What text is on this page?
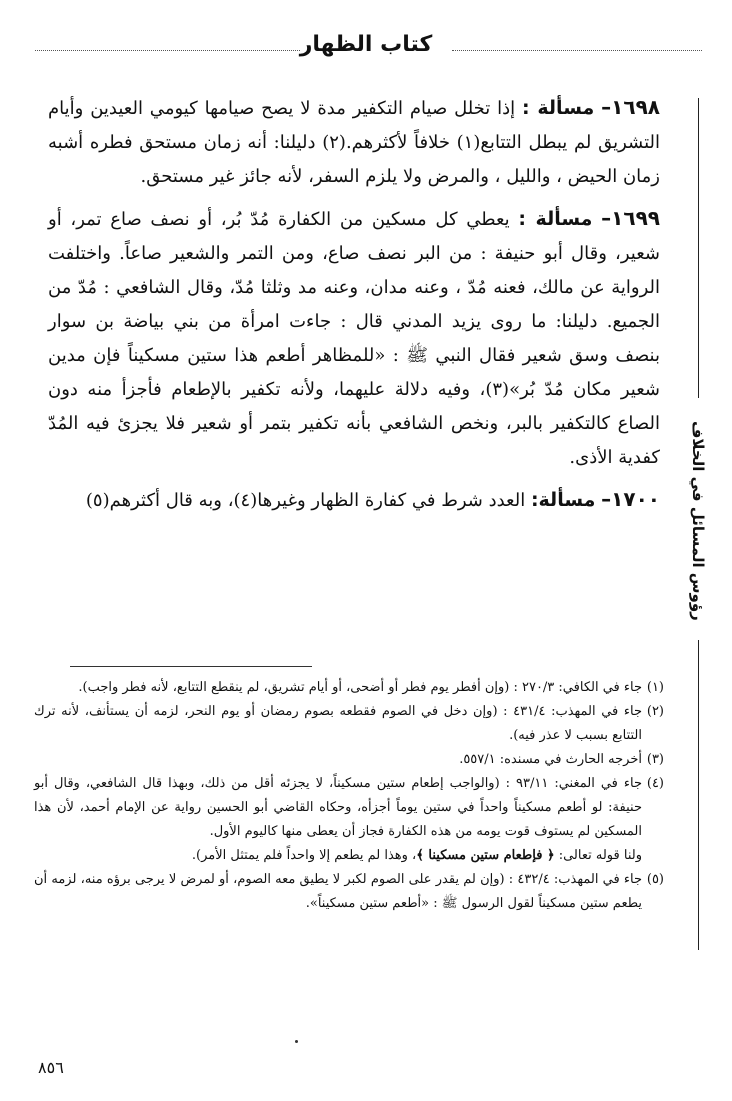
كتاب الظهار
رؤوس المسائل في الخلاف

١٦٩٨– مسألة : إذا تخلل صيام التكفير مدة لا يصح صيامها كيومي العيدين وأيام التشريق لم يبطل التتابع(١) خلافاً لأكثرهم.(٢) دليلنا: أنه زمان مستحق فطره أشبه زمان الحيض ، والليل ، والمرض ولا يلزم السفر، لأنه جائز غير مستحق.

١٦٩٩– مسألة : يعطي كل مسكين من الكفارة مُدّ بُر، أو نصف صاع تمر، أو شعير، وقال أبو حنيفة : من البر نصف صاع، ومن التمر والشعير صاعاً. واختلفت الرواية عن مالك، فعنه مُدّ ، وعنه مدان، وعنه مد وثلثا مُدّ، وقال الشافعي : مُدّ من الجميع. دليلنا: ما روى يزيد المدني قال : جاءت امرأة من بني بياضة بن سوار بنصف وسق شعير فقال النبي ﷺ : «للمظاهر أطعم هذا ستين مسكيناً فإن مدين شعير مكان مُدّ بُر»(٣)، وفيه دلالة عليهما، ولأنه تكفير بالإطعام فأجزأ منه دون الصاع كالتكفير بالبر، ونخص الشافعي بأنه تكفير بتمر أو شعير فلا يجزئ فيه المُدّ كفدية الأذى.

١٧٠٠– مسألة: العدد شرط في كفارة الظهار وغيرها(٤)، وبه قال أكثرهم(٥)

(١)
جاء في الكافي: ٢٧٠/٣ : (وإن أفطر يوم فطر أو أضحى، أو أيام تشريق، لم ينقطع التتابع، لأنه فطر واجب).

(٢)
جاء في المهذب: ٤٣١/٤ : (وإن دخل في الصوم فقطعه بصوم رمضان أو يوم النحر، لزمه أن يستأنف، لأنه ترك التتابع بسبب لا عذر فيه).

(٣)
أخرجه الحارث في مسنده: ٥٥٧/١.

(٤)
جاء في المغني: ٩٣/١١ : (والواجب إطعام ستين مسكيناً، لا يجزئه أقل من ذلك، وبهذا قال الشافعي، وقال أبو حنيفة: لو أطعم مسكيناً واحداً في ستين يوماً أجزأه، وحكاه القاضي أبو الحسين رواية عن الإمام أحمد، لأن هذا المسكين لم يستوف قوت يومه من هذه الكفارة فجاز أن يعطى منها كاليوم الأول.

ولنا قوله تعالى: ﴿ فإطعام ستين مسكينا ﴾، وهذا لم يطعم إلا واحداً فلم يمتثل الأمر).

(٥)
جاء في المهذب: ٤٣٢/٤ : (وإن لم يقدر على الصوم لكبر لا يطيق معه الصوم، أو لمرض لا يرجى برؤه منه، لزمه أن يطعم ستين مسكيناً لقول الرسول ﷺ : «أطعم ستين مسكيناً».

٨٥٦
